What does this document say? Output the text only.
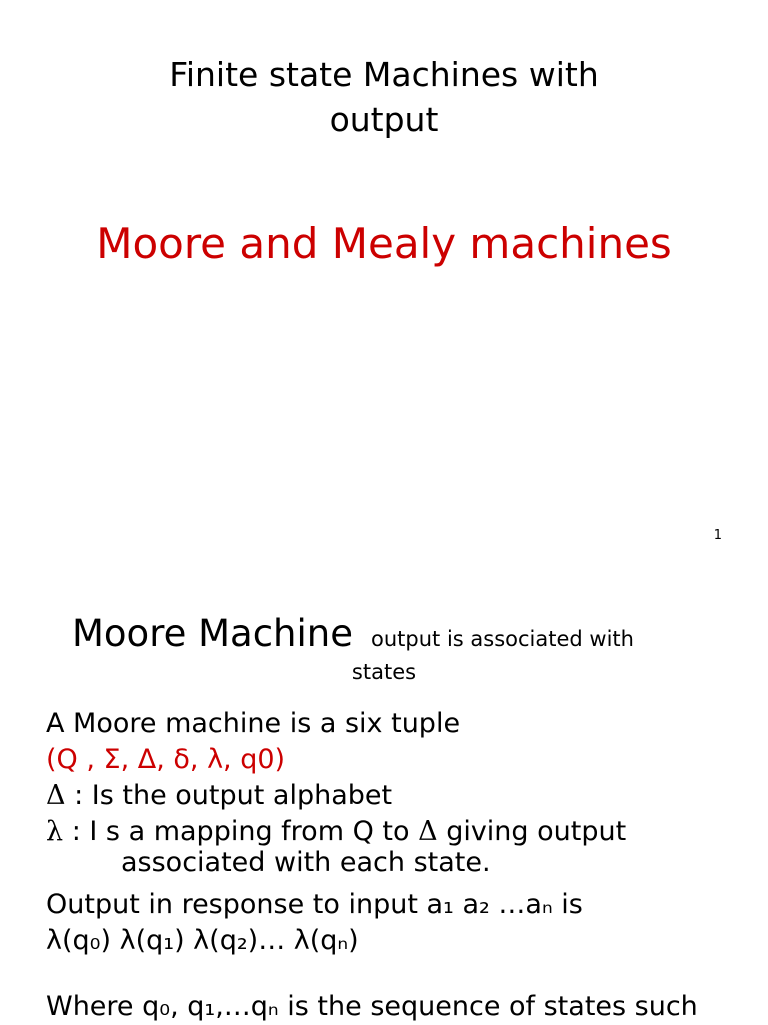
Finite state Machines with
output
Moore and Mealy machines
1
Moore Machine output is associated with
states
A Moore machine is a six tuple
(Q , Σ, Δ, δ, λ, q0)
Δ : Is the output alphabet
λ : I s a mapping from Q to Δ giving output
associated with each state.
Output in response to input a₁ a₂ …aₙ is
λ(q₀) λ(q₁) λ(q₂)… λ(qₙ)
Where q₀, q₁,…qₙ is the sequence of states such
